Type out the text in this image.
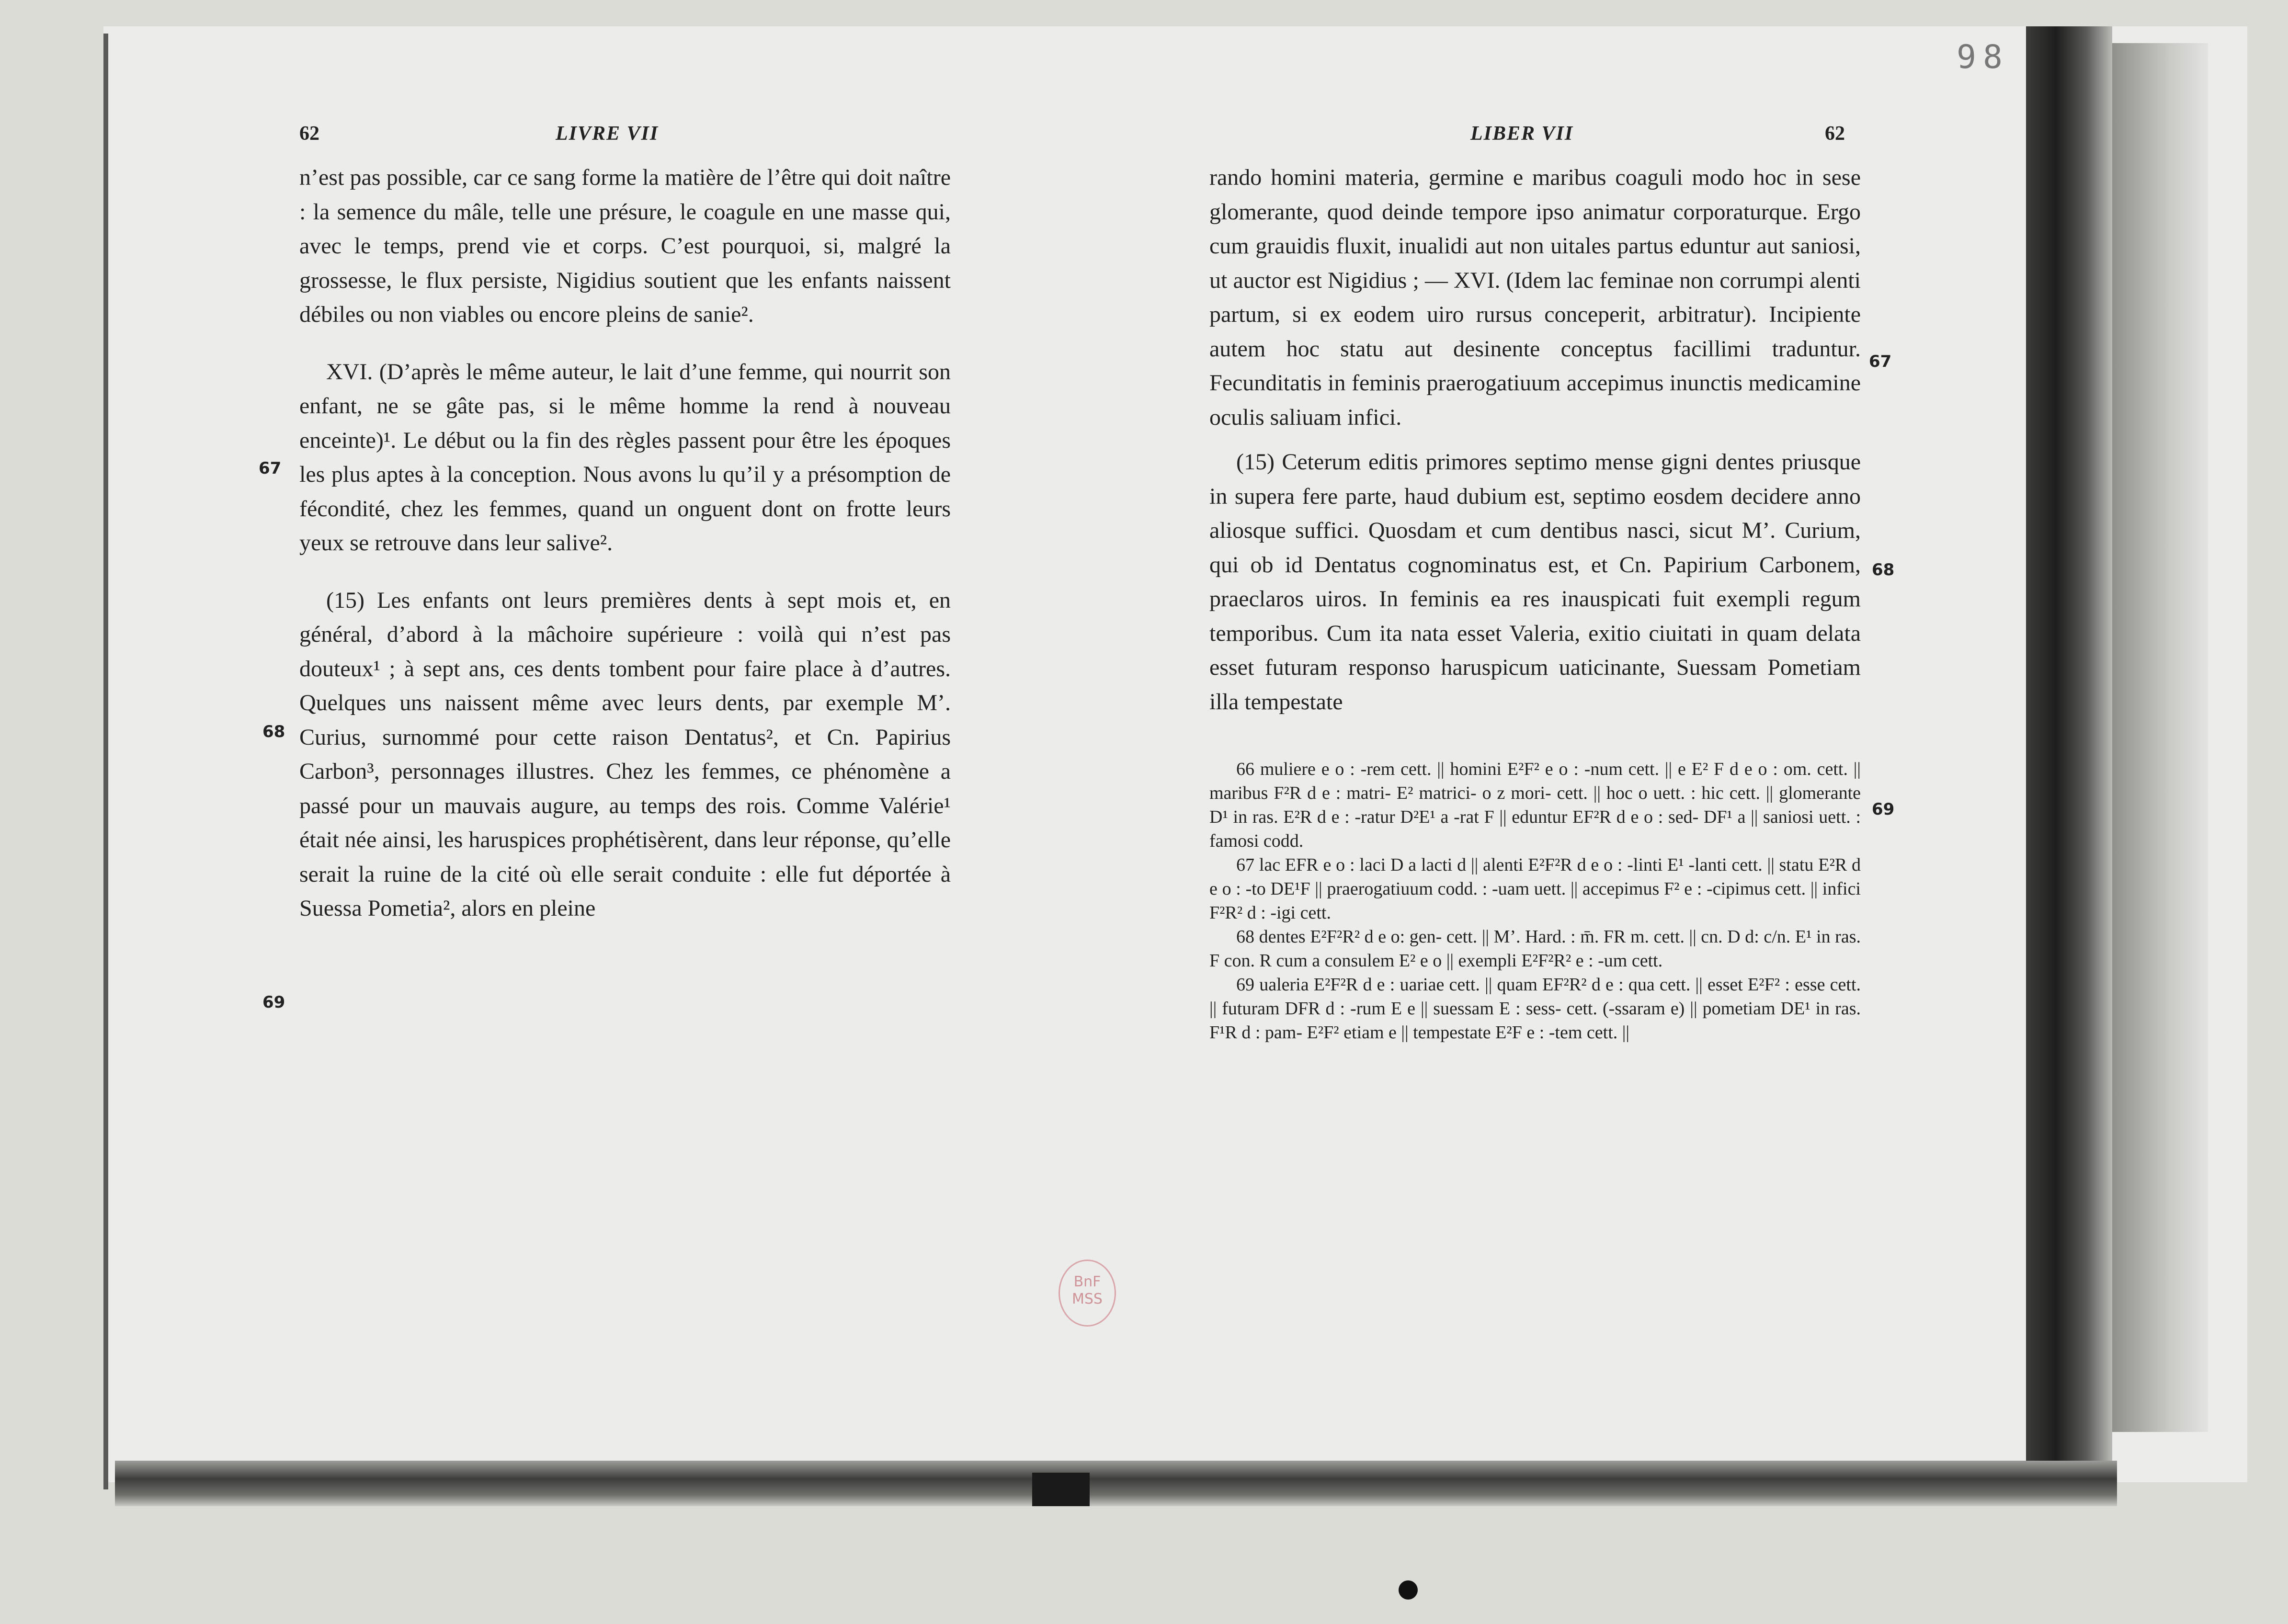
98
BnF
MSS
62	LIVRE VII

n’est pas possible, car ce sang forme la matière de l’être qui doit naître : la semence du mâle, telle une présure, le coagule en une masse qui, avec le temps, prend vie et corps. C’est pourquoi, si, malgré la grossesse, le flux persiste, Nigidius soutient que les enfants naissent débiles ou non viables ou encore pleins de sanie².

XVI. (D’après le même auteur, le lait d’une femme, qui nourrit son enfant, ne se gâte pas, si le même homme la rend à nouveau enceinte)¹. Le début ou la fin des règles passent pour être les époques les plus aptes à la conception. Nous avons lu qu’il y a présomption de fécondité, chez les femmes, quand un onguent dont on frotte leurs yeux se retrouve dans leur salive².

(15) Les enfants ont leurs premières dents à sept mois et, en général, d’abord à la mâchoire supérieure : voilà qui n’est pas douteux¹ ; à sept ans, ces dents tombent pour faire place à d’autres. Quelques uns naissent même avec leurs dents, par exemple M’. Curius, surnommé pour cette raison Dentatus², et Cn. Papirius Carbon³, personnages illustres. Chez les femmes, ce phénomène a passé pour un mauvais augure, au temps des rois. Comme Valérie¹ était née ainsi, les haruspices prophétisèrent, dans leur réponse, qu’elle serait la ruine de la cité où elle serait conduite : elle fut déportée à Suessa Pometia², alors en pleine

67
68
69
LIBER VII	62

rando homini materia, germine e maribus coaguli modo hoc in sese glomerante, quod deinde tempore ipso animatur corporaturque. Ergo cum grauidis fluxit, inualidi aut non uitales partus eduntur aut saniosi, ut auctor est Nigidius ; — XVI. (Idem lac feminae non corrumpi alenti partum, si ex eodem uiro rursus conceperit, arbitratur). Incipiente autem hoc statu aut desinente conceptus facillimi traduntur. Fecunditatis in feminis praerogatiuum accepimus inunctis medicamine oculis saliuam infici.

(15) Ceterum editis primores septimo mense gigni dentes priusque in supera fere parte, haud dubium est, septimo eosdem decidere anno aliosque suffici. Quosdam et cum dentibus nasci, sicut M’. Curium, qui ob id Dentatus cognominatus est, et Cn. Papirium Carbonem, praeclaros uiros. In feminis ea res inauspicati fuit exempli regum temporibus. Cum ita nata esset Valeria, exitio ciuitati in quam delata esset futuram responso haruspicum uaticinante, Suessam Pometiam illa tempestate

66 muliere e o : -rem cett. || homini E²F² e o : -num cett. || e E² F d e o : om. cett. || maribus F²R d e : matri- E² matrici- o z mori- cett. || hoc o uett. : hic cett. || glomerante D¹ in ras. E²R d e : -ratur D²E¹ a -rat F || eduntur EF²R d e o : sed- DF¹ a || saniosi uett. : famosi codd.

67 lac EFR e o : laci D a lacti d || alenti E²F²R d e o : -linti E¹ -lanti cett. || statu E²R d e o : -to DE¹F || praerogatiuum codd. : -uam uett. || accepimus F² e : -cipimus cett. || infici F²R² d : -igi cett.

68 dentes E²F²R² d e o: gen- cett. || M’. Hard. : m̄. FR m. cett. || cn. D d: c/n. E¹ in ras. F con. R cum a consulem E² e o || exempli E²F²R² e : -um cett.

69 ualeria E²F²R d e : uariae cett. || quam EF²R² d e : qua cett. || esset E²F² : esse cett. || futuram DFR d : -rum E e || suessam E : sess- cett. (-ssaram e) || pometiam DE¹ in ras. F¹R d : pam- E²F² etiam e || tempestate E²F e : -tem cett. ||

67
68
69
